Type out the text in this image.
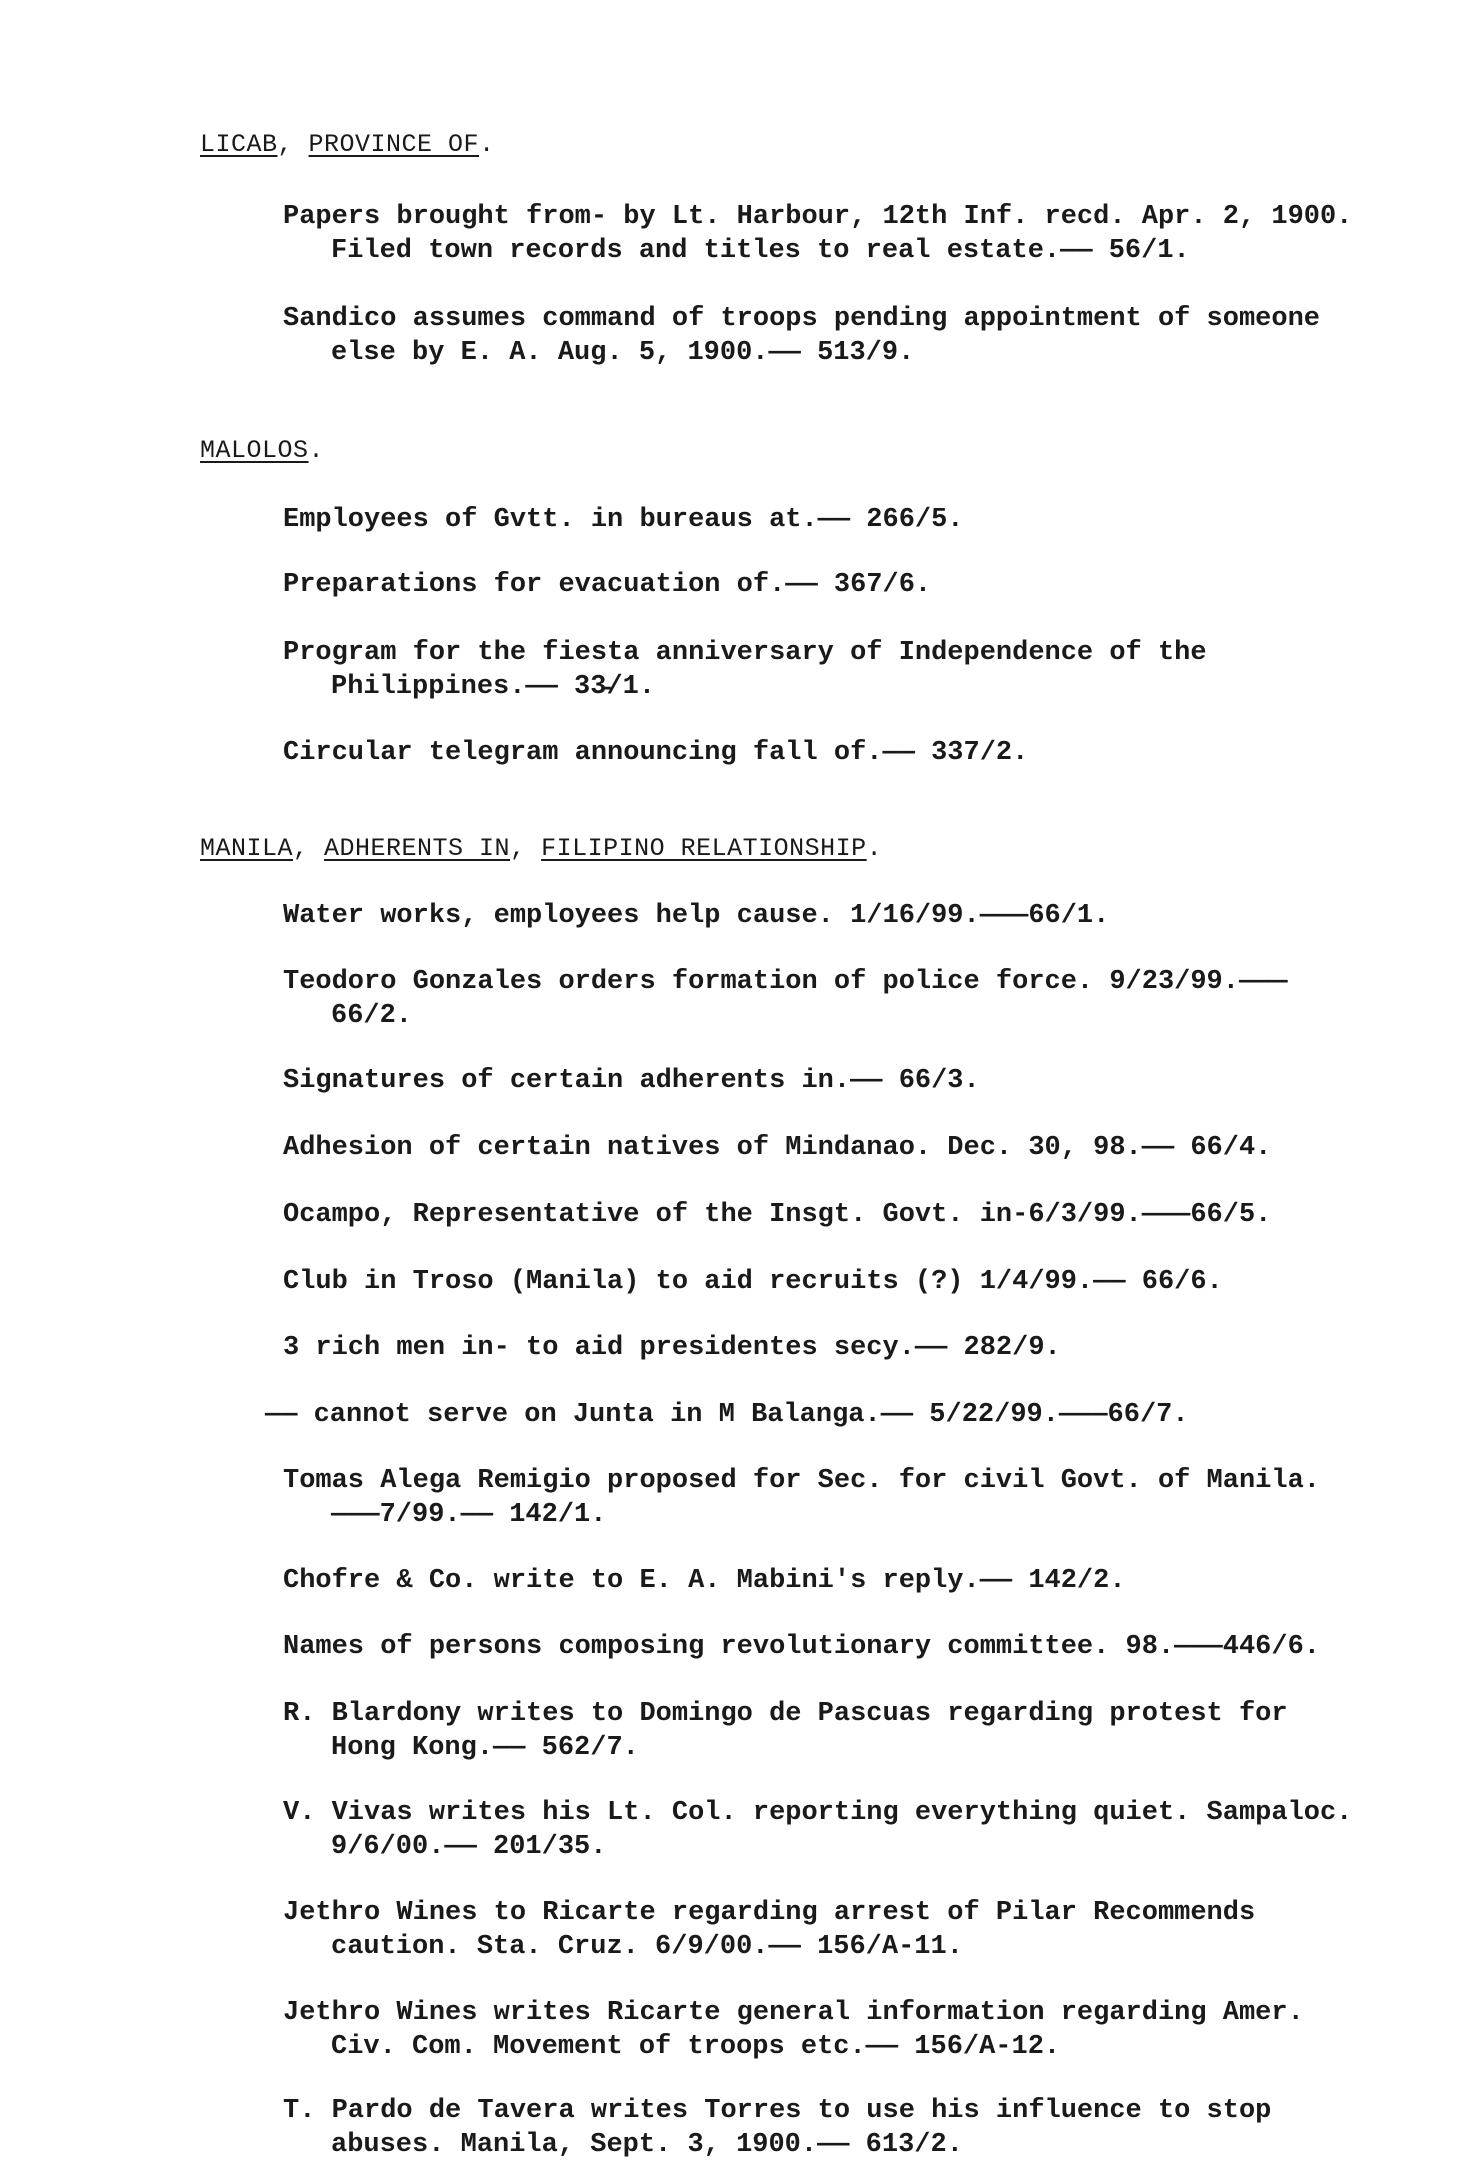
LICAB, PROVINCE OF.
Papers brought from- by Lt. Harbour, 12th Inf. recd. Apr. 2, 1900.
Filed town records and titles to real estate.—— 56/1.
Sandico assumes command of troops pending appointment of someone
else by E. A. Aug. 5, 1900.—— 513/9.
MALOLOS.
Employees of Gvtt. in bureaus at.—— 266/5.
Preparations for evacuation of.—— 367/6.
Program for the fiesta anniversary of Independence of the
Philippines.—— 33̵/1.
Circular telegram announcing fall of.—— 337/2.
MANILA, ADHERENTS IN, FILIPINO RELATIONSHIP.
Water works, employees help cause. 1/16/99.———66/1.
Teodoro Gonzales orders formation of police force. 9/23/99.———
66/2.
Signatures of certain adherents in.—— 66/3.
Adhesion of certain natives of Mindanao. Dec. 30, 98.—— 66/4.
Ocampo, Representative of the Insgt. Govt. in-6/3/99.———66/5.
Club in Troso (Manila) to aid recruits (?) 1/4/99.—— 66/6.
3 rich men in- to aid presidentes secy.—— 282/9.
—— cannot serve on Junta in M Balanga.—— 5/22/99.———66/7.
Tomas Alega Remigio proposed for Sec. for civil Govt. of Manila.
———7/99.—— 142/1.
Chofre & Co. write to E. A. Mabini's reply.—— 142/2.
Names of persons composing revolutionary committee. 98.———446/6.
R. Blardony writes to Domingo de Pascuas regarding protest for
Hong Kong.—— 562/7.
V. Vivas writes his Lt. Col. reporting everything quiet. Sampaloc.
9/6/00.—— 201/35.
Jethro Wines to Ricarte regarding arrest of Pilar Recommends
caution. Sta. Cruz. 6/9/00.—— 156/A-11.
Jethro Wines writes Ricarte general information regarding Amer.
Civ. Com. Movement of troops etc.—— 156/A-12.
T. Pardo de Tavera writes Torres to use his influence to stop
abuses. Manila, Sept. 3, 1900.—— 613/2.
